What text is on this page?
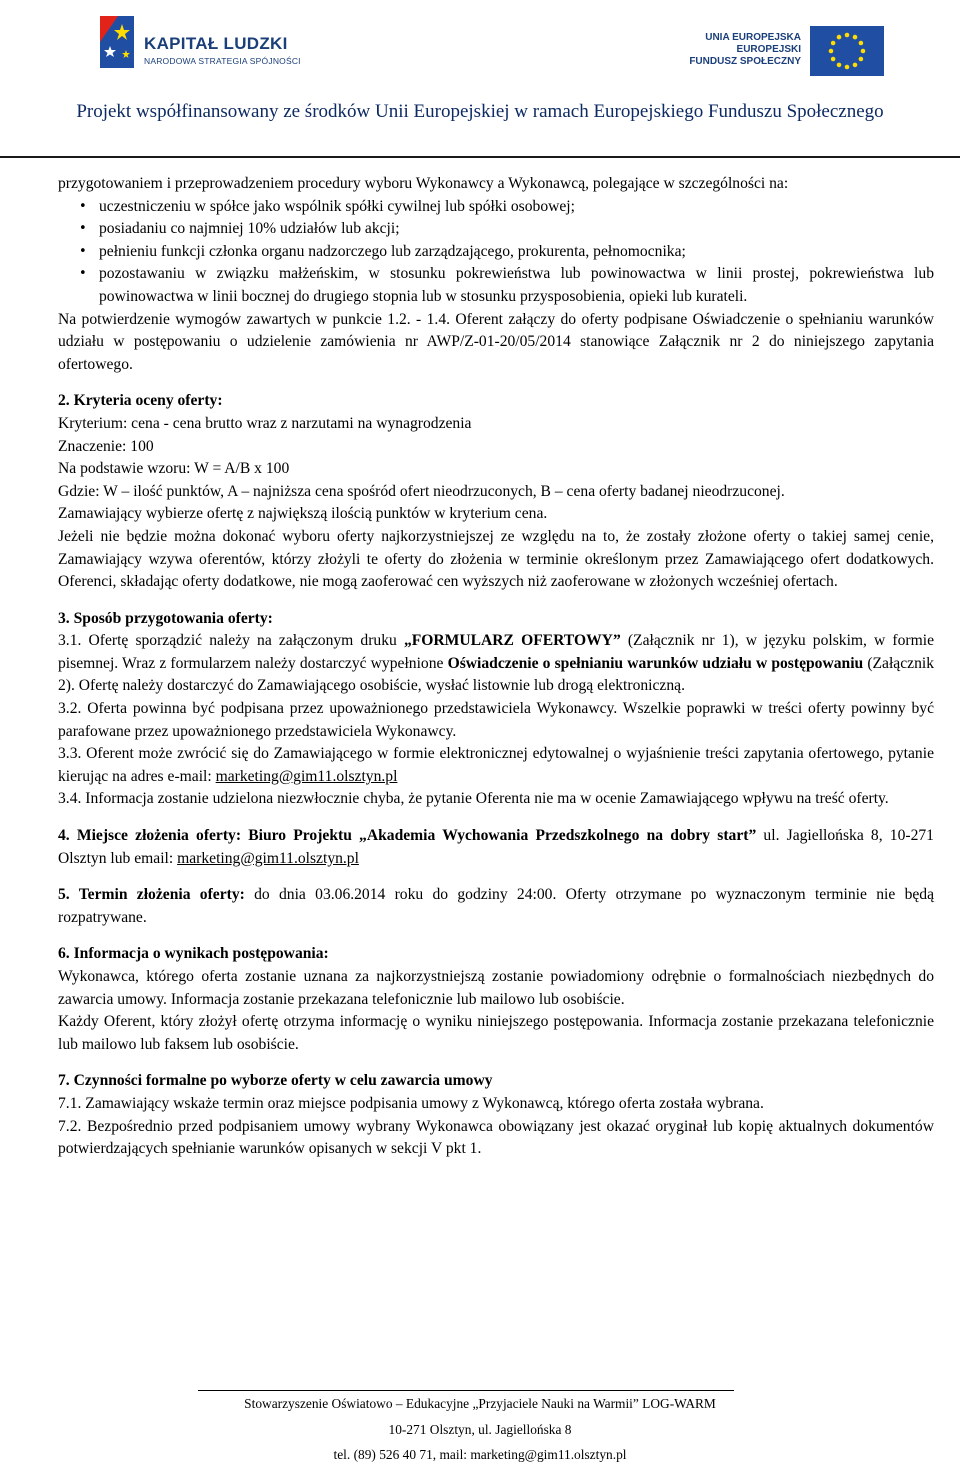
KAPITAŁ LUDZKI
NARODOWA STRATEGIA SPÓJNOŚCI
UNIA EUROPEJSKA
EUROPEJSKI
FUNDUSZ SPOŁECZNY
Projekt współfinansowany ze środków Unii Europejskiej w ramach Europejskiego Funduszu Społecznego

przygotowaniem i przeprowadzeniem procedury wyboru Wykonawcy a Wykonawcą, polegające w szczególności na:

• uczestniczeniu w spółce jako wspólnik spółki cywilnej lub spółki osobowej;
• posiadaniu co najmniej 10% udziałów lub akcji;
• pełnieniu funkcji członka organu nadzorczego lub zarządzającego, prokurenta, pełnomocnika;
• pozostawaniu w związku małżeńskim, w stosunku pokrewieństwa lub powinowactwa w linii prostej, pokrewieństwa lub powinowactwa w linii bocznej do drugiego stopnia lub w stosunku przysposobienia, opieki lub kurateli.

Na potwierdzenie wymogów zawartych w punkcie 1.2. - 1.4. Oferent załączy do oferty podpisane Oświadczenie o spełnianiu warunków udziału w postępowaniu o udzielenie zamówienia nr AWP/Z-01-20/05/2014 stanowiące Załącznik nr 2 do niniejszego zapytania ofertowego.

2. Kryteria oceny oferty:

Kryterium: cena - cena brutto wraz z narzutami na wynagrodzenia

Znaczenie: 100

Na podstawie wzoru: W = A/B x 100

Gdzie: W – ilość punktów, A – najniższa cena spośród ofert nieodrzuconych, B – cena oferty badanej nieodrzuconej.

Zamawiający wybierze ofertę z największą ilością punktów w kryterium cena.

Jeżeli nie będzie można dokonać wyboru oferty najkorzystniejszej ze względu na to, że zostały złożone oferty o takiej samej cenie, Zamawiający wzywa oferentów, którzy złożyli te oferty do złożenia w terminie określonym przez Zamawiającego ofert dodatkowych. Oferenci, składając oferty dodatkowe, nie mogą zaoferować cen wyższych niż zaoferowane w złożonych wcześniej ofertach.

3. Sposób przygotowania oferty:

3.1. Ofertę sporządzić należy na załączonym druku „FORMULARZ OFERTOWY” (Załącznik nr 1), w języku polskim, w formie pisemnej. Wraz z formularzem należy dostarczyć wypełnione Oświadczenie o spełnianiu warunków udziału w postępowaniu (Załącznik 2). Ofertę należy dostarczyć do Zamawiającego osobiście, wysłać listownie lub drogą elektroniczną.

3.2. Oferta powinna być podpisana przez upoważnionego przedstawiciela Wykonawcy. Wszelkie poprawki w treści oferty powinny być parafowane przez upoważnionego przedstawiciela Wykonawcy.

3.3. Oferent może zwrócić się do Zamawiającego w formie elektronicznej edytowalnej o wyjaśnienie treści zapytania ofertowego, pytanie kierując na adres e-mail: marketing@gim11.olsztyn.pl

3.4. Informacja zostanie udzielona niezwłocznie chyba, że pytanie Oferenta nie ma w ocenie Zamawiającego wpływu na treść oferty.

4. Miejsce złożenia oferty: Biuro Projektu „Akademia Wychowania Przedszkolnego na dobry start” ul. Jagiellońska 8, 10-271 Olsztyn lub email: marketing@gim11.olsztyn.pl

5. Termin złożenia oferty: do dnia 03.06.2014 roku do godziny 24:00. Oferty otrzymane po wyznaczonym terminie nie będą rozpatrywane.

6. Informacja o wynikach postępowania:

Wykonawca, którego oferta zostanie uznana za najkorzystniejszą zostanie powiadomiony odrębnie o formalnościach niezbędnych do zawarcia umowy. Informacja zostanie przekazana telefonicznie lub mailowo lub osobiście.

Każdy Oferent, który złożył ofertę otrzyma informację o wyniku niniejszego postępowania. Informacja zostanie przekazana telefonicznie lub mailowo lub faksem lub osobiście.

7. Czynności formalne po wyborze oferty w celu zawarcia umowy

7.1. Zamawiający wskaże termin oraz miejsce podpisania umowy z Wykonawcą, którego oferta została wybrana.

7.2. Bezpośrednio przed podpisaniem umowy wybrany Wykonawca obowiązany jest okazać oryginał lub kopię aktualnych dokumentów potwierdzających spełnianie warunków opisanych w sekcji V pkt 1.

Stowarzyszenie Oświatowo – Edukacyjne „Przyjaciele Nauki na Warmii” LOG-WARM
10-271 Olsztyn, ul. Jagiellońska 8
tel. (89) 526 40 71, mail: marketing@gim11.olsztyn.pl
